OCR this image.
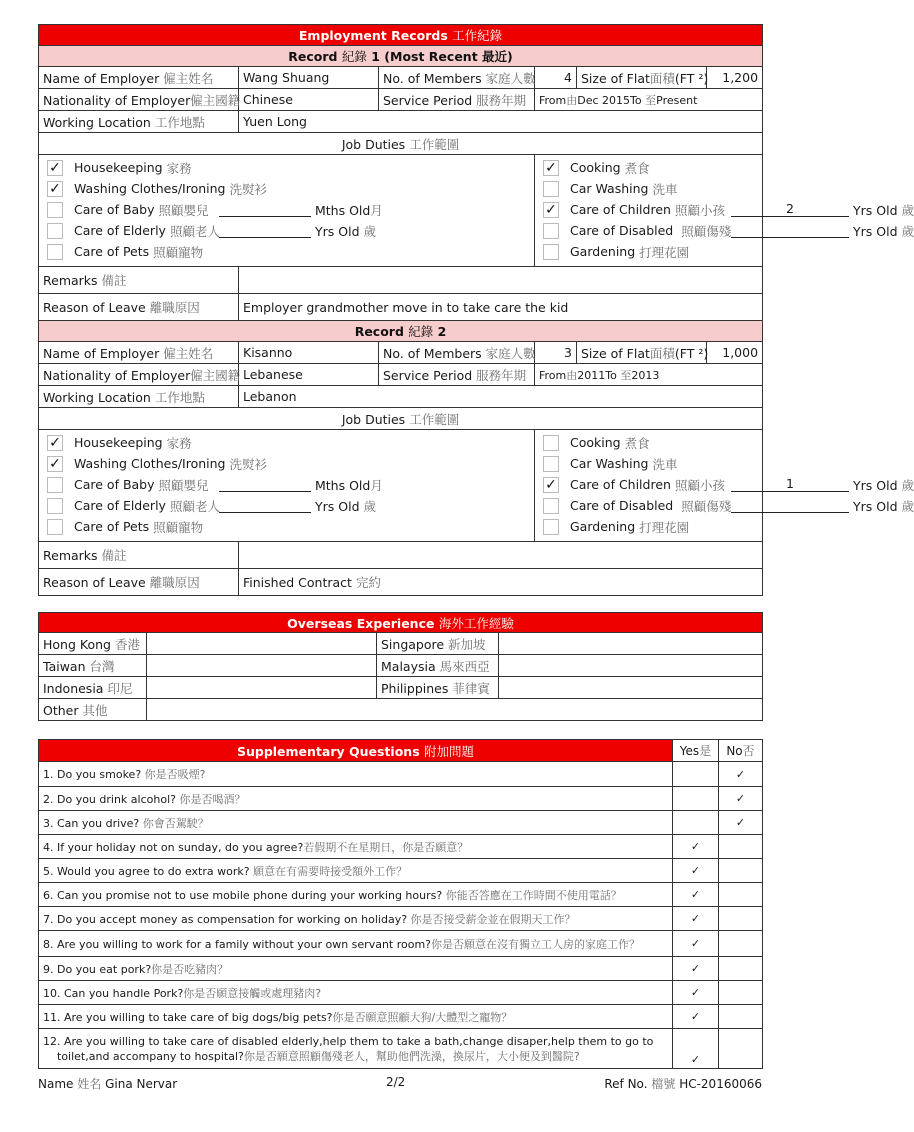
Employment Records 工作紀錄					
Record 紀錄 1 (Most Recent 最近)					
Name of Employer 僱主姓名	Wang Shuang	No. of Members 家庭人數	4	Size of Flat面積(FT ²)	1,200
Nationality of Employer僱主國籍	Chinese	Service Period 服務年期	From由Dec 2015To 至Present		
Working Location 工作地點	Yuen Long				
Job Duties 工作範圍					

✓ Housekeeping
家務
✓ Washing Clothes/Ironing
洗熨衫
Care of Baby
照顧嬰兒	Mths Old月
Care of Elderly
照顧老人	Yrs Old 歲
Care of Pets
照顧寵物

✓ Cooking
煮食
Car Washing
洗車
✓ Care of Children
照顧小孩	2	Yrs Old 歲
Care of Disabled
照顧傷殘	Yrs Old 歲
Gardening
打理花園

Remarks 備註					
Reason of Leave 離職原因	Employer grandmother move in to take care the kid				
Record 紀錄 2					
Name of Employer 僱主姓名	Kisanno	No. of Members 家庭人數	3	Size of Flat面積(FT ²)	1,000
Nationality of Employer僱主國籍	Lebanese	Service Period 服務年期	From由2011To 至2013		
Working Location 工作地點	Lebanon				
Job Duties 工作範圍					

✓ Housekeeping
家務
✓ Washing Clothes/Ironing
洗熨衫
Care of Baby
照顧嬰兒	Mths Old月
Care of Elderly
照顧老人	Yrs Old 歲
Care of Pets
照顧寵物

Cooking
煮食
Car Washing
洗車
✓ Care of Children
照顧小孩	1	Yrs Old 歲
Care of Disabled
照顧傷殘	Yrs Old 歲
Gardening
打理花園

Remarks 備註					
Reason of Leave 離職原因	Finished Contract 完約				
Overseas Experience 海外工作經驗			
Hong Kong 香港		Singapore 新加坡	
Taiwan 台灣		Malaysia 馬來西亞	
Indonesia 印尼		Philippines 菲律賓	
Other 其他			
Supplementary Questions 附加問題	Yes是	No否
1. Do you smoke? 你是否吸煙?		✓
2. Do you drink alcohol? 你是否喝酒？		✓
3. Can you drive? 你會否駕駛？		✓
4. If your holiday not on sunday, do you agree?若假期不在星期日，你是否願意？	✓	
5. Would you agree to do extra work? 願意在有需要時接受額外工作？	✓	
6. Can you promise not to use mobile phone during your working hours? 你能否答應在工作時間不使用電話？	✓	
7. Do you accept money as compensation for working on holiday? 你是否接受薪金並在假期天工作？	✓	
8. Are you willing to work for a family without your own servant room?你是否願意在沒有獨立工人房的家庭工作？	✓	
9. Do you eat pork?你是否吃豬肉？	✓	
10. Can you handle Pork?你是否願意接觸或處理豬肉?	✓	
11. Are you willing to take care of big dogs/big pets?你是否願意照顧大狗/大體型之寵物？	✓	

12. Are you willing to take care of disabled elderly,help them to take a bath,change disaper,help them to go to
toilet,and accompany to hospital?你是否願意照顧傷殘老人，幫助他們洗澡，換尿片，大小便及到醫院?	✓	
Name 姓名 Gina Nervar	2/2	Ref No. 檔號 HC-20160066
